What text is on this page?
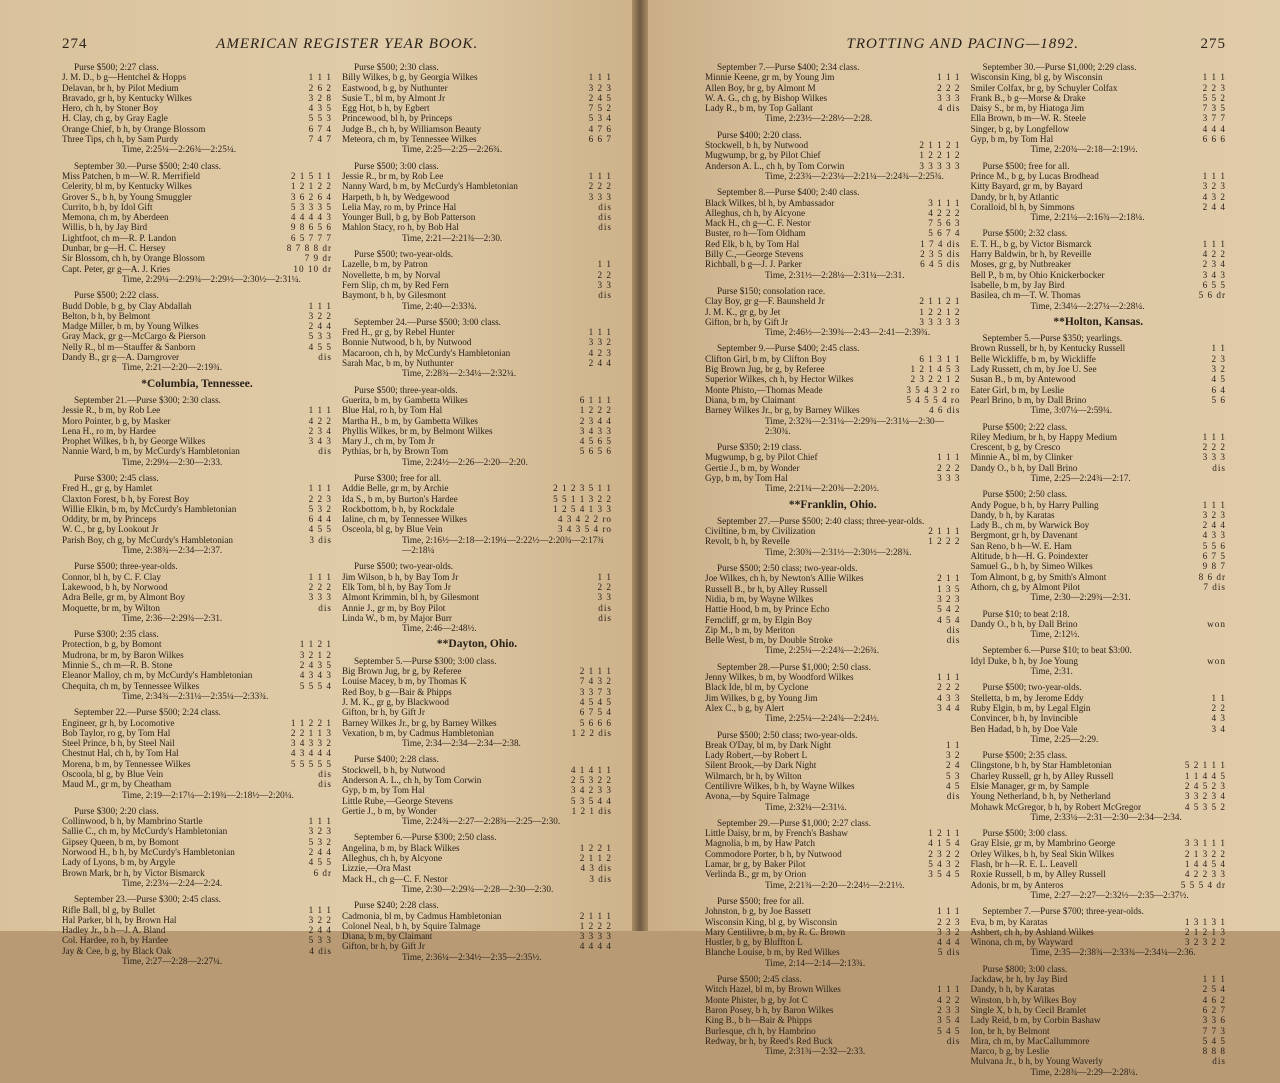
274	AMERICAN REGISTER YEAR BOOK.
Purse $500; 2:27 class.
J. M. D., b g—Hentchel & Hopps	1 1 1
Delavan, br h, by Pilot Medium	2 6 2
Bravado, gr h, by Kentucky Wilkes	3 2 8
Hero, ch h, by Stoner Boy	4 3 5
H. Clay, ch g, by Gray Eagle	5 5 3
Orange Chief, b h, by Orange Blossom	6 7 4
Three Tips, ch h, by Sam Purdy	7 4 7
Time, 2:25¼—2:26¾—2:25¼.
September 30.—Purse $500; 2:40 class.
Miss Patchen, b m—W. R. Merrifield	2 1 5 1 1
Celerity, bl m, by Kentucky Wilkes	1 2 1 2 2
Grover S., b h, by Young Smuggler	3 6 2 6 4
Currito, b h, by Idol Gift	5 3 3 3 5
Memona, ch m, by Aberdeen	4 4 4 4 3
Willis, b h, by Jay Bird	9 8 6 5 6
Lightfoot, ch m—R. P. Landon	6 5 7 7 7
Dunbar, br g—H. C. Hersey	8 7 8 8 dr
Sir Blossom, ch h, by Orange Blossom	7 9 dr
Capt. Peter, gr g—A. J. Kries	10 10 dr
Time, 2:29¼—2:29¾—2:29½—2:30½—2:31¼.
Purse $500; 2:22 class.
Budd Doble, b g, by Clay Abdallah	1 1 1
Belton, b h, by Belmont	3 2 2
Madge Miller, b m, by Young Wilkes	2 4 4
Gray Mack, gr g—McCargo & Pierson	5 3 3
Nelly R., bl m—Stauffer & Sanborn	4 5 5
Dandy B., gr g—A. Darngrover	dis
Time, 2:21—2:20—2:19¾.
*Columbia, Tennessee.
September 21.—Purse $300; 2:30 class.
Jessie R., b m, by Rob Lee	1 1 1
Moro Pointer, b g, by Masker	4 2 2
Lena H., ro m, by Hardee	2 3 4
Prophet Wilkes, b h, by George Wilkes	3 4 3
Nannie Ward, b m, by McCurdy's Hambletonian	dis
Time, 2:29¼—2:30—2:33.
Purse $300; 2:45 class.
Fred H., gr g, by Hamlet	1 1 1
Claxton Forest, b h, by Forest Boy	2 2 3
Willie Elkin, b m, by McCurdy's Hambletonian	5 3 2
Oddity, br m, by Princeps	6 4 4
W. C., br g, by Lookout Jr	4 5 5
Parish Boy, ch g, by McCurdy's Hambletonian	3 dis
Time, 2:38¾—2:34—2:37.
Purse $500; three-year-olds.
Connor, bl h, by C. F. Clay	1 1 1
Lakewood, b h, by Norwood	2 2 2
Adra Belle, gr m, by Almont Boy	3 3 3
Moquette, br m, by Wilton	dis
Time, 2:36—2:29¾—2:31.
Purse $300; 2:35 class.
Protection, b g, by Bomont	1 1 2 1
Mudrona, br m, by Baron Wilkes	3 2 1 2
Minnie S., ch m—R. B. Stone	2 4 3 5
Eleanor Malloy, ch m, by McCurdy's Hambletonian	4 3 4 3
Chequita, ch m, by Tennessee Wilkes	5 5 5 4
Time, 2:34¾—2:31¼—2:35¼—2:33¾.
September 22.—Purse $500; 2:24 class.
Engineer, gr h, by Locomotive	1 1 2 2 1
Bob Taylor, ro g, by Tom Hal	2 2 1 1 3
Steel Prince, b h, by Steel Nail	3 4 3 3 2
Chestnut Hal, ch h, by Tom Hal	4 3 4 4 4
Morena, b m, by Tennessee Wilkes	5 5 5 5 5
Oscoola, bl g, by Blue Vein	dis
Maud M., gr m, by Cheatham	dis
Time, 2:19—2:17¼—2:19¾—2:18½—2:20¼.
Purse $300; 2:20 class.
Collinwood, b h, by Mambrino Startle	1 1 1
Sallie C., ch m, by McCurdy's Hambletonian	3 2 3
Gipsey Queen, b m, by Bomont	5 3 2
Norwood H., b h, by McCurdy's Hambletonian	2 4 4
Lady of Lyons, b m, by Argyle	4 5 5
Brown Mark, br h, by Victor Bismarck	6 dr
Time, 2:23¼—2:24—2:24.
September 23.—Purse $300; 2:45 class.
Rifle Ball, bl g, by Bullet	1 1 1
Hal Parker, bl h, by Brown Hal	3 2 2
Hadley Jr., b h—J. A. Bland	2 4 4
Col. Hardee, ro h, by Hardee	5 3 3
Jay & Cee, b g, by Black Oak	4 dis
Time, 2:27—2:28—2:27¼.
Purse $500; 2:30 class.
Billy Wilkes, b g, by Georgia Wilkes	1 1 1
Eastwood, b g, by Nuthunter	3 2 3
Susie T., bl m, by Almont Jr	2 4 5
Egg Hot, b h, by Egbert	7 5 2
Princewood, bl h, by Princeps	5 3 4
Judge B., ch h, by Williamson Beauty	4 7 6
Meteora, ch m, by Tennessee Wilkes	6 6 7
Time, 2:25—2:25—2:26¾.
Purse $500; 3:00 class.
Jessie R., br m, by Rob Lee	1 1 1
Nanny Ward, b m, by McCurdy's Hambletonian	2 2 2
Harpeth, b h, by Wedgewood	3 3 3
Lelia May, ro m, by Prince Hal	dis
Younger Bull, b g, by Bob Patterson	dis
Mahlon Stacy, ro h, by Bob Hal	dis
Time, 2:21—2:21¾—2:30.
Purse $500; two-year-olds.
Lazelle, b m, by Patron	1 1
Novellette, b m, by Norval	2 2
Fern Slip, ch m, by Red Fern	3 3
Baymont, b h, by Gilesmont	dis
Time, 2:40—2:33¾.
September 24.—Purse $500; 3:00 class.
Fred H., gr g, by Rebel Hunter	1 1 1
Bonnie Nutwood, b h, by Nutwood	3 3 2
Macaroon, ch h, by McCurdy's Hambletonian	4 2 3
Sarah Mac, b m, by Nuthunter	2 4 4
Time, 2:28¾—2:34¼—2:32¼.
Purse $500; three-year-olds.
Guerita, b m, by Gambetta Wilkes	6 1 1 1
Blue Hal, ro h, by Tom Hal	1 2 2 2
Martha H., b m, by Gambetta Wilkes	2 3 4 4
Phyllis Wilkes, br m, by Belmont Wilkes	3 4 3 3
Mary J., ch m, by Tom Jr	4 5 6 5
Pythias, br h, by Brown Tom	5 6 5 6
Time, 2:24½—2:26—2:20—2:20.
Purse $300; free for all.
Addie Belle, gr m, by Archie	2 1 2 3 5 1 1
Ida S., b m, by Burton's Hardee	5 5 1 1 3 2 2
Rockbottom, b h, by Rockdale	1 2 5 4 1 3 3
Ialine, ch m, by Tennessee Wilkes	4 3 4 2 2 ro
Osceola, bl g, by Blue Vein	3 4 3 5 4 ro
Time, 2:16½—2:18—2:19¼—2:22½—2:20¾—2:17¾—2:18¼
Purse $500; two-year-olds.
Jim Wilson, b h, by Bay Tom Jr	1 1
Elk Tom, bl h, by Bay Tom Jr	2 2
Almont Krimmin, bl h, by Gilesmont	3 3
Annie J., gr m, by Boy Pilot	dis
Linda W., b m, by Major Burr	dis
Time, 2:46—2:48½.
**Dayton, Ohio.
September 5.—Purse $300; 3:00 class.
Big Brown Jug, br g, by Referee	2 1 1 1
Louise Macey, b m, by Thomas K	7 4 3 2
Red Boy, b g—Bair & Phipps	3 3 7 3
J. M. K., gr g, by Blackwood	4 5 4 5
Gifton, br h, by Gift Jr	6 7 5 4
Barney Wilkes Jr., br g, by Barney Wilkes	5 6 6 6
Vexation, b m, by Cadmus Hambletonian	1 2 2 dis
Time, 2:34—2:34—2:34—2:38.
Purse $400; 2:28 class.
Stockwell, b h, by Nutwood	4 1 4 1 1
Anderson A. L., ch h, by Tom Corwin	2 5 3 2 2
Gyp, b m, by Tom Hal	3 4 2 3 3
Little Rube,—George Stevens	5 3 5 4 4
Gertie J., b m, by Wonder	1 2 1 dis
Time, 2:24¾—2:27—2:28¾—2:25—2:30.
September 6.—Purse $300; 2:50 class.
Angelina, b m, by Black Wilkes	1 2 2 1
Alleghus, ch h, by Alcyone	2 1 1 2
Lizzie,—Ora Mast	4 3 dis
Mack H., ch g—C. F. Nestor	3 dis
Time, 2:30—2:29¾—2:28—2:30—2:30.
Purse $240; 2:28 class.
Cadmonia, bl m, by Cadmus Hambletonian	2 1 1 1
Colonel Neal, b h, by Squire Talmage	1 2 2 2
Diana, b m, by Claimant	3 3 3 3
Gifton, br h, by Gift Jr	4 4 4 4
Time, 2:36¼—2:34½—2:35—2:35½.
TROTTING AND PACING—1892.	275
September 7.—Purse $400; 2:34 class.
Minnie Keene, gr m, by Young Jim	1 1 1
Allen Boy, br g, by Almont M	2 2 2
W. A. G., ch g, by Bishop Wilkes	3 3 3
Lady R., b m, by Top Gallant	4 dis
Time, 2:23½—2:28½—2:28.
Purse $400; 2:20 class.
Stockwell, b h, by Nutwood	2 1 1 2 1
Mugwump, br g, by Pilot Chief	1 2 2 1 2
Anderson A. L., ch h, by Tom Corwin	3 3 3 3 3
Time, 2:23¾—2:23¼—2:21¼—2:24¾—2:25¾.
September 8.—Purse $400; 2:40 class.
Black Wilkes, bl h, by Ambassador	3 1 1 1
Alleghus, ch h, by Alcyone	4 2 2 2
Mack H., ch g—C. F. Nestor	7 5 6 3
Buster, ro h—Tom Oldham	5 6 7 4
Red Elk, b h, by Tom Hal	1 7 4 dis
Billy C.,—George Stevens	2 3 5 dis
Richball, b g—J. J. Parker	6 4 5 dis
Time, 2:31½—2:28¼—2:31¼—2:31.
Purse $150; consolation race.
Clay Boy, gr g—F. Baunsheld Jr	2 1 1 2 1
J. M. K., gr g, by Jet	1 2 2 1 2
Gifton, br h, by Gift Jr	3 3 3 3 3
Time, 2:46½—2:39¾—2:43—2:41—2:39¾.
September 9.—Purse $400; 2:45 class.
Clifton Girl, b m, by Clifton Boy	6 1 3 1 1
Big Brown Jug, br g, by Referee	1 2 1 4 5 3
Superior Wilkes, ch h, by Hector Wilkes	2 3 2 2 1 2
Monte Phisto,—Thomas Meade	3 5 4 3 2 ro
Diana, b m, by Claimant	5 4 5 5 4 ro
Barney Wilkes Jr., br g, by Barney Wilkes	4 6 dis
Time, 2:32¾—2:31¼—2:29¾—2:31¼—2:30—2:30¾.
Purse $350; 2:19 class.
Mugwump, b g, by Pilot Chief	1 1 1
Gertie J., b m, by Wonder	2 2 2
Gyp, b m, by Tom Hal	3 3 3
Time, 2:21¼—2:20¾—2:20½.
**Franklin, Ohio.
September 27.—Purse $500; 2:40 class; three-year-olds.
Civiltine, b m, by Civilization	2 1 1 1
Revolt, b h, by Revelle	1 2 2 2
Time, 2:30¾—2:31½—2:30½—2:28¾.
Purse $500; 2:50 class; two-year-olds.
Joe Wilkes, ch h, by Newton's Allie Wilkes	2 1 1
Russell B., br h, by Alley Russell	1 3 5
Nidia, b m, by Wayne Wilkes	3 2 3
Hattie Hood, b m, by Prince Echo	5 4 2
Ferncliff, gr m, by Elgin Boy	4 5 4
Zip M., b m, by Meriton	dis
Belle West, b m, by Double Stroke	dis
Time, 2:25¼—2:24¾—2:26¾.
September 28.—Purse $1,000; 2:50 class.
Jenny Wilkes, b m, by Woodford Wilkes	1 1 1
Black Ide, bl m, by Cyclone	2 2 2
Jim Wilkes, b g, by Young Jim	4 3 3
Alex C., b g, by Alert	3 4 4
Time, 2:25¼—2:24¾—2:24½.
Purse $500; 2:50 class; two-year-olds.
Break O'Day, bl m, by Dark Night	1 1
Lady Robert,—by Robert L	3 2
Silent Brook,—by Dark Night	2 4
Wilmarch, br h, by Wilton	5 3
Centilivre Wilkes, b h, by Wayne Wilkes	4 5
Avona,—by Squire Talmage	dis
Time, 2:32¼—2:31¼.
September 29.—Purse $1,000; 2:27 class.
Little Daisy, br m, by French's Bashaw	1 2 1 1
Magnolia, b m, by Haw Patch	4 1 5 4
Commodore Porter, b h, by Nutwood	2 3 2 2
Lamar, br g, by Baker Pilot	5 4 3 2
Verlinda B., gr m, by Orion	3 5 4 5
Time, 2:21¾—2:20—2:24½—2:21½.
Purse $500; free for all.
Johnston, b g, by Joe Bassett	1 1 1
Wisconsin King, bl g, by Wisconsin	2 2 3
Mary Centilivre, b m, by R. C. Brown	3 3 2
Hustler, b g, by Bluffton L	4 4 4
Blanche Louise, b m, by Red Wilkes	5 dis
Time, 2:14—2:14—2:13¾.
Purse $500; 2:45 class.
Witch Hazel, bl m, by Brown Wilkes	1 1 1
Monte Phister, b g, by Jot C	4 2 2
Baron Posey, b h, by Baron Wilkes	2 3 3
King B., b h—Bair & Phipps	3 5 4
Burlesque, ch h, by Hambrino	5 4 5
Redway, br h, by Reed's Red Buck	dis
Time, 2:31¾—2:32—2:33.
September 30.—Purse $1,000; 2:29 class.
Wisconsin King, bl g, by Wisconsin	1 1 1
Smiler Colfax, br g, by Schuyler Colfax	2 2 3
Frank B., b g—Morse & Drake	5 5 2
Daisy S., br m, by Hiatoga Jim	7 3 5
Ella Brown, b m—W. R. Steele	3 7 7
Singer, b g, by Longfellow	4 4 4
Gyp, b m, by Tom Hal	6 6 6
Time, 2:20¾—2:18—2:19½.
Purse $500; free for all.
Prince M., b g, by Lucas Brodhead	1 1 1
Kitty Bayard, gr m, by Bayard	3 2 3
Dandy, br h, by Atlantic	4 3 2
Coralloid, bl h, by Simmons	2 4 4
Time, 2:21¼—2:16¾—2:18¼.
Purse $500; 2:32 class.
E. T. H., b g, by Victor Bismarck	1 1 1
Harry Baldwin, br h, by Reveille	4 2 2
Moses, gr g, by Nutbreaker	2 3 4
Bell P., b m, by Ohio Knickerbocker	3 4 3
Isabelle, b m, by Jay Bird	6 5 5
Basilea, ch m—T. W. Thomas	5 6 dr
Time, 2:34¼—2:27¼—2:28¼.
**Holton, Kansas.
September 5.—Purse $350; yearlings.
Brown Russell, br h, by Kentucky Russell	1 1
Belle Wickliffe, b m, by Wickliffe	2 3
Lady Russett, ch m, by Joe U. See	3 2
Susan B., b m, by Antewood	4 5
Eater Girl, b m, by Leslie	6 4
Pearl Brino, b m, by Dall Brino	5 6
Time, 3:07¼—2:59¼.
Purse $500; 2:22 class.
Riley Medium, br h, by Happy Medium	1 1 1
Crescent, b g, by Cresco	2 2 2
Minnie A., bl m, by Clinker	3 3 3
Dandy O., b h, by Dall Brino	dis
Time, 2:25—2:24¾—2:17.
Purse $500; 2:50 class.
Andy Pogue, b h, by Harry Pulling	1 1 1
Dandy, b h, by Karatas	3 2 3
Lady B., ch m, by Warwick Boy	2 4 4
Bergmont, gr h, by Davenant	4 3 3
San Reno, b h—W. E. Ham	5 5 6
Altitude, b h—H. G. Poindexter	6 7 5
Samuel G., b h, by Simeo Wilkes	9 8 7
Tom Almont, b g, by Smith's Almont	8 6 dr
Athorn, ch g, by Almont Pilot	7 dis
Time, 2:30—2:29¾—2:31.
Purse $10; to beat 2:18.
Dandy O., b h, by Dall Brino	won
Time, 2:12½.
September 6.—Purse $10; to beat $3:00.
Idyl Duke, b h, by Joe Young	won
Time, 2:31.
Purse $500; two-year-olds.
Stelletta, b m, by Jerome Eddy	1 1
Ruby Elgin, b m, by Legal Elgin	2 2
Convincer, b h, by Invincible	4 3
Ben Hadad, b h, by Doe Vale	3 4
Time, 2:25—2:29.
Purse $500; 2:35 class.
Clingstone, b h, by Star Hambletonian	5 2 1 1 1
Charley Russell, gr h, by Alley Russell	1 1 4 4 5
Elsie Manager, gr m, by Sample	2 4 5 2 3
Young Netherland, b h, by Netherland	3 3 2 3 4
Mohawk McGregor, b h, by Robert McGregor	4 5 3 5 2
Time, 2:33¼—2:31—2:30—2:34—2:34.
Purse $500; 3:00 class.
Gray Elsie, gr m, by Mambrino George	3 3 1 1 1
Orley Wilkes, b h, by Seal Skin Wilkes	2 1 3 2 2
Flash, br h—R. E. L. Leavell	1 4 4 5 4
Roxie Russell, b m, by Alley Russell	4 2 2 3 3
Adonis, br m, by Anteros	5 5 5 4 dr
Time, 2:27—2:27—2:32½—2:35—2:37½.
September 7.—Purse $700; three-year-olds.
Eva, b m, by Karatas	1 3 1 3 1
Ashbert, ch h, by Ashland Wilkes	2 1 2 1 3
Winona, ch m, by Wayward	3 2 3 2 2
Time, 2:35—2:38¾—2:33¾—2:34¼—2:36.
Purse $800; 3:00 class.
Jackdaw, br h, by Jay Bird	1 1 1
Dandy, b h, by Karatas	2 5 4
Winston, b h, by Wilkes Boy	4 6 2
Single X, b h, by Cecil Bramlet	6 2 7
Lady Reid, b m, by Corbin Bashaw	3 3 6
Ion, br h, by Belmont	7 7 3
Mira, ch m, by MacCallummore	5 4 5
Marco, b g, by Leslie	8 8 8
Mulvana Jr., b h, by Young Waverly	dis
Time, 2:28¾—2:29—2:28¼.
